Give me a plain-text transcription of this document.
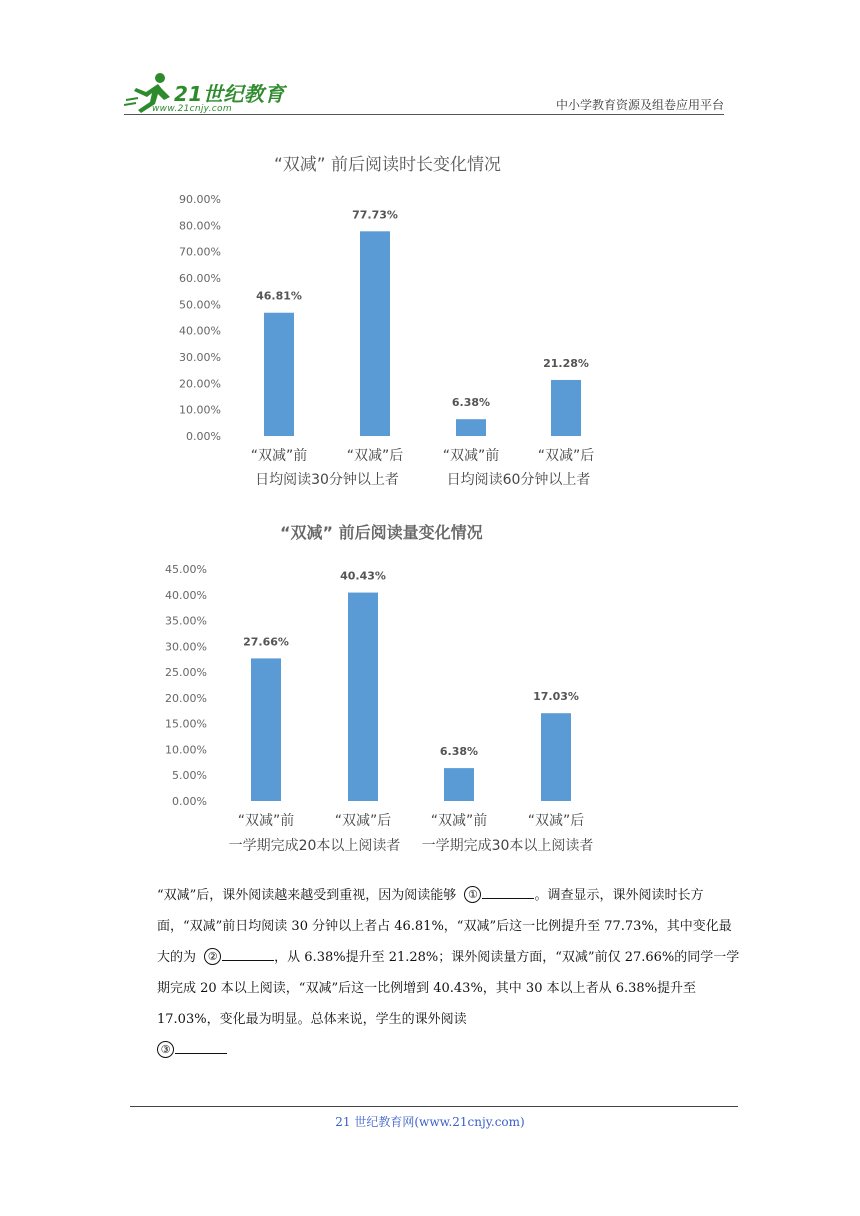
21世纪教育
www.21cnjy.com	中小学教育资源及组卷应用平台
“双减” 前后阅读时长变化情况
0.00%
10.00%
20.00%
30.00%
40.00%
50.00%
60.00%
70.00%
80.00%
90.00%
46.81%
“双减”前
77.73%
“双减”后
6.38%
“双减”前
21.28%
“双减”后
日均阅读30分钟以上者	日均阅读60分钟以上者
“双减” 前后阅读量变化情况
0.00%
5.00%
10.00%
15.00%
20.00%
25.00%
30.00%
35.00%
40.00%
45.00%
27.66%
“双减”前
40.43%
“双减”后
6.38%
“双减”前
17.03%
“双减”后
一学期完成20本以上阅读者 一学期完成30本以上阅读者

“双减”后，课外阅读越来越受到重视，因为阅读能够 ①	。调查显示，课外阅读时长方面，“双减”前日均阅读 30 分钟以上者占 46.81%，“双减”后这一比例提升至 77.73%，其中变化最大的为 ②	，从 6.38%提升至 21.28%；课外阅读量方面，“双减”前仅 27.66%的同学一学期完成 20 本以上阅读，“双减”后这一比例增到 40.43%，其中 30 本以上者从 6.38%提升至 17.03%，变化最为明显。总体来说，学生的课外阅读
③

21 世纪教育网(www.21cnjy.com)
